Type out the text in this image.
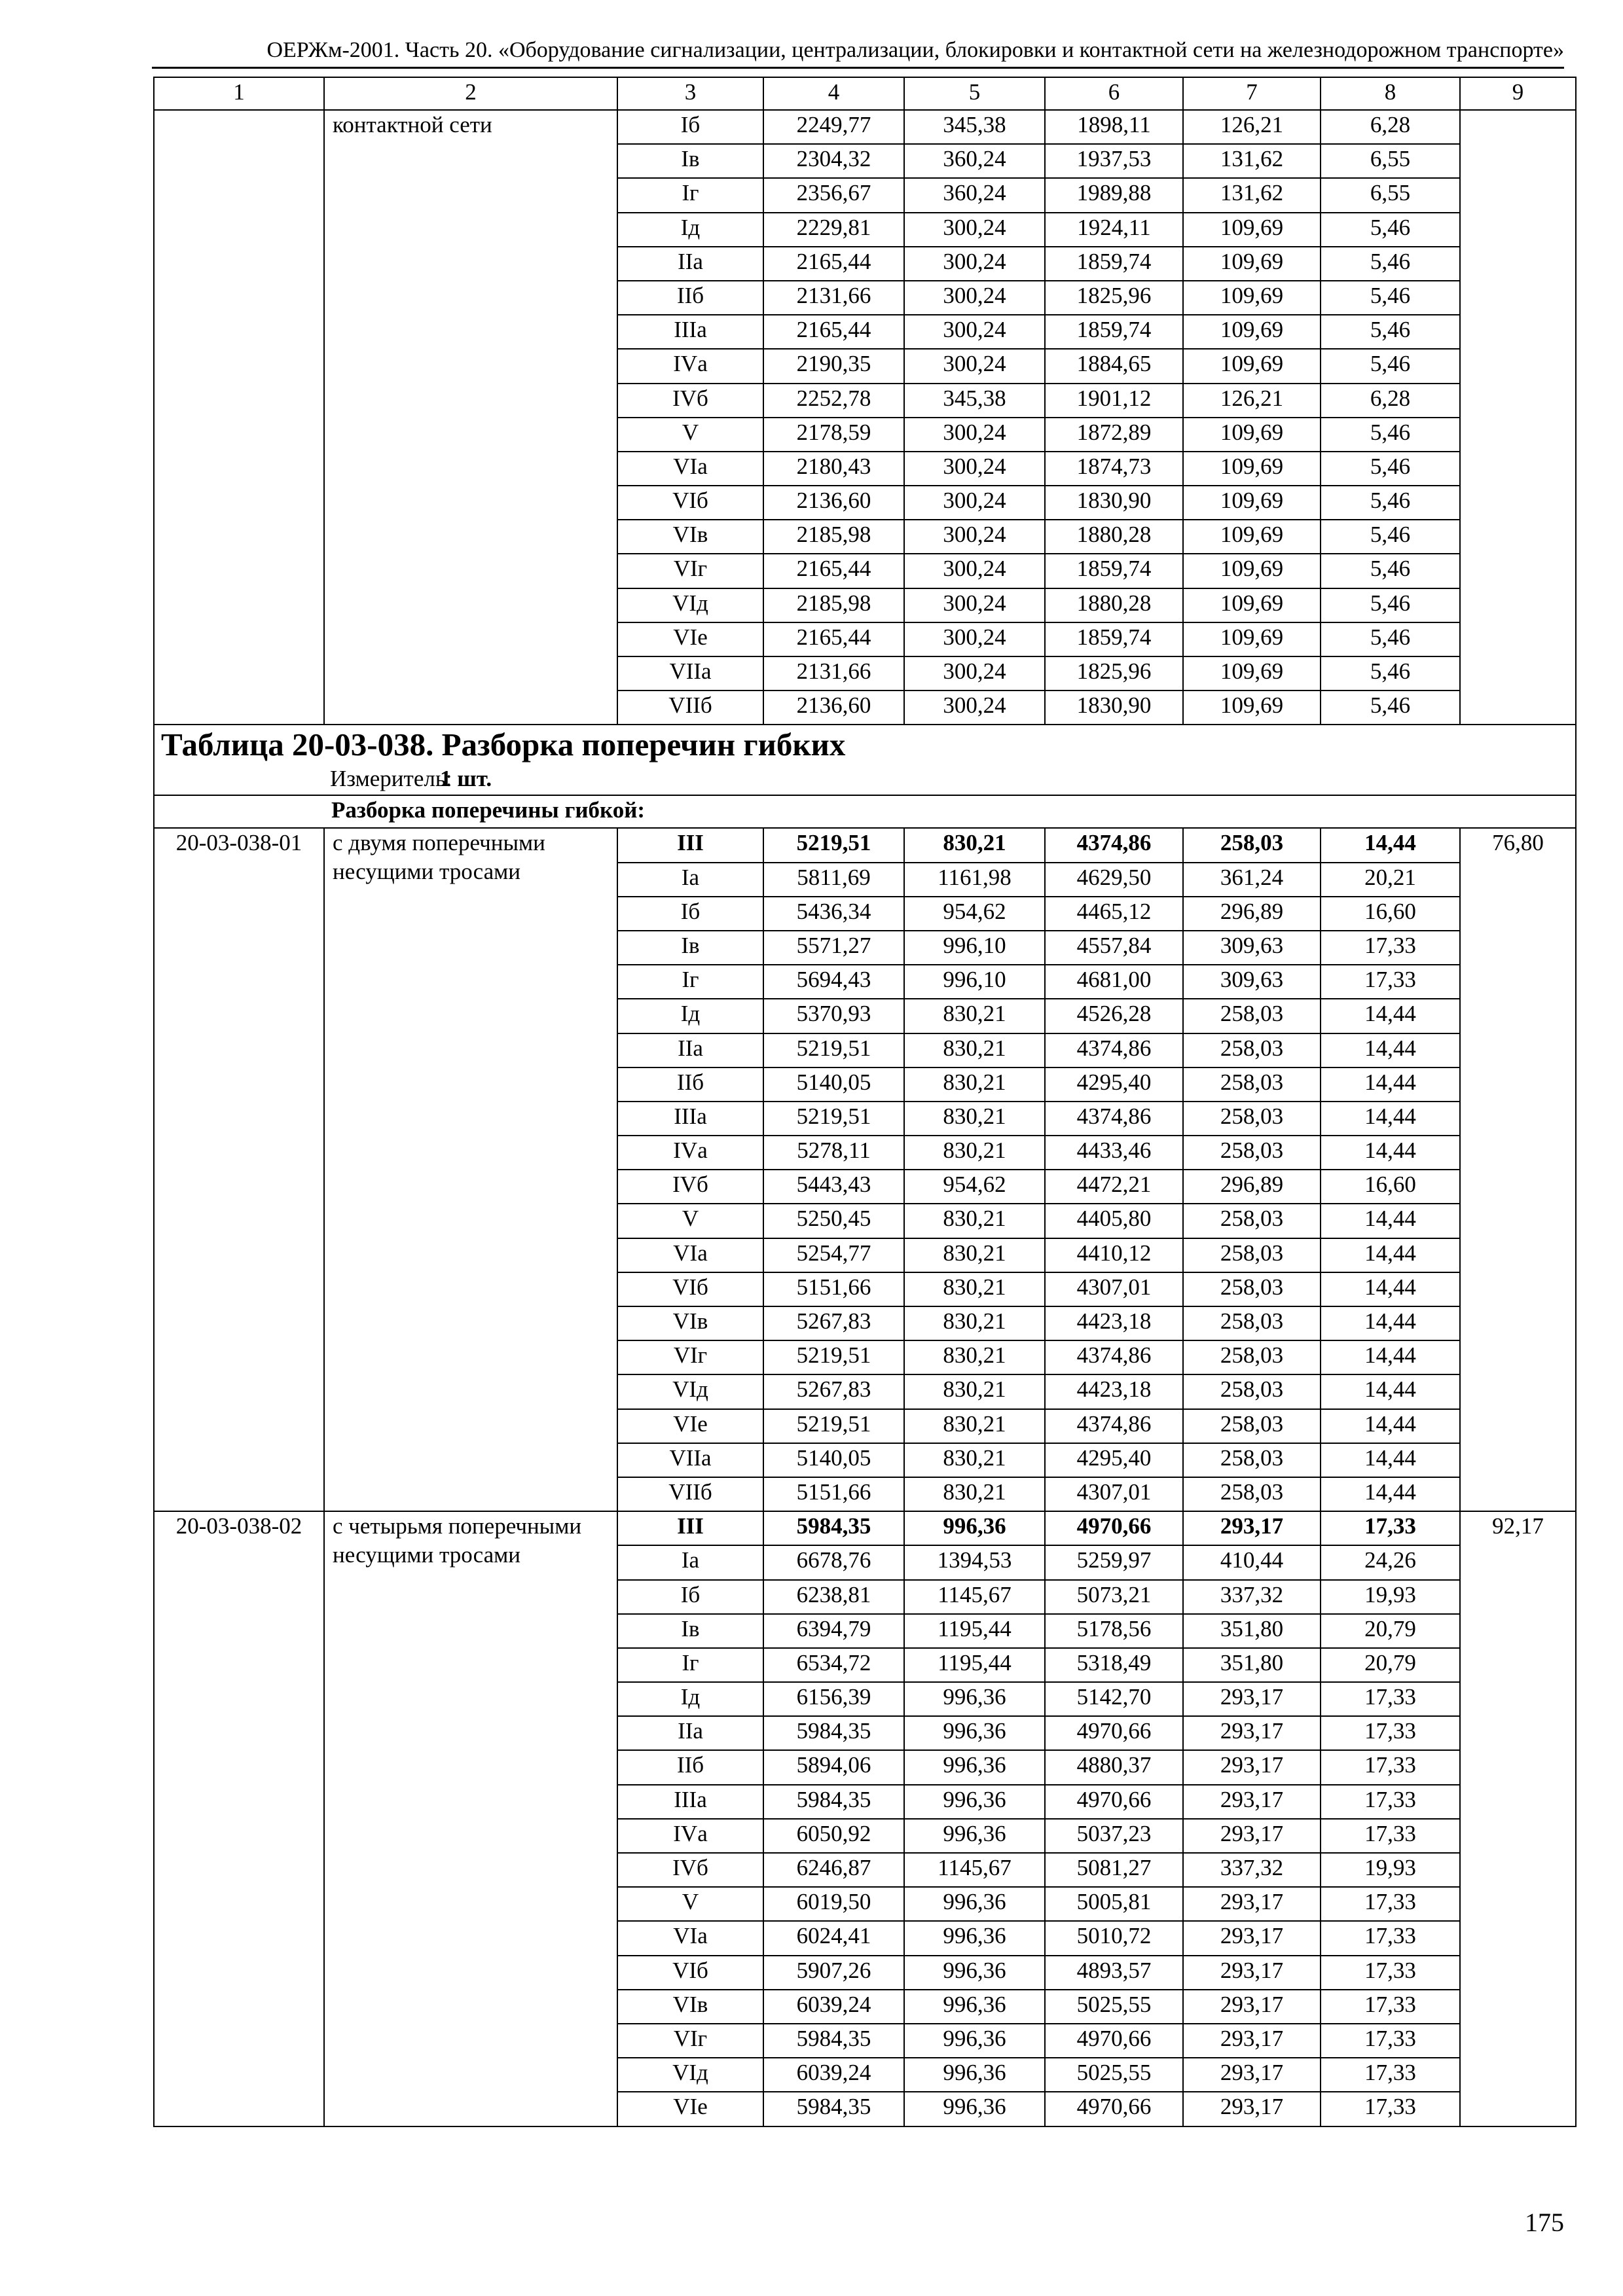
ОЕРЖм-2001. Часть 20. «Оборудование сигнализации, централизации, блокировки и контактной сети на железнодорожном транспорте»
1	2	3	4	5	6	7	8	9
	контактной сети	Iб	2249,77	345,38	1898,11	126,21	6,28	
		Iв	2304,32	360,24	1937,53	131,62	6,55	
		Iг	2356,67	360,24	1989,88	131,62	6,55	
		Iд	2229,81	300,24	1924,11	109,69	5,46	
		IIа	2165,44	300,24	1859,74	109,69	5,46	
		IIб	2131,66	300,24	1825,96	109,69	5,46	
		IIIа	2165,44	300,24	1859,74	109,69	5,46	
		IVа	2190,35	300,24	1884,65	109,69	5,46	
		IVб	2252,78	345,38	1901,12	126,21	6,28	
		V	2178,59	300,24	1872,89	109,69	5,46	
		VIа	2180,43	300,24	1874,73	109,69	5,46	
		VIб	2136,60	300,24	1830,90	109,69	5,46	
		VIв	2185,98	300,24	1880,28	109,69	5,46	
		VIг	2165,44	300,24	1859,74	109,69	5,46	
		VIд	2185,98	300,24	1880,28	109,69	5,46	
		VIе	2165,44	300,24	1859,74	109,69	5,46	
		VIIа	2131,66	300,24	1825,96	109,69	5,46	
		VIIб	2136,60	300,24	1830,90	109,69	5,46	
Таблица 20-03-038. Разборка поперечин гибких								
Измеритель:1 шт.								
Разборка поперечины гибкой:								
20-03-038-01	с двумя поперечными несущими тросами	III	5219,51	830,21	4374,86	258,03	14,44	76,80
		Iа	5811,69	1161,98	4629,50	361,24	20,21	
		Iб	5436,34	954,62	4465,12	296,89	16,60	
		Iв	5571,27	996,10	4557,84	309,63	17,33	
		Iг	5694,43	996,10	4681,00	309,63	17,33	
		Iд	5370,93	830,21	4526,28	258,03	14,44	
		IIа	5219,51	830,21	4374,86	258,03	14,44	
		IIб	5140,05	830,21	4295,40	258,03	14,44	
		IIIа	5219,51	830,21	4374,86	258,03	14,44	
		IVа	5278,11	830,21	4433,46	258,03	14,44	
		IVб	5443,43	954,62	4472,21	296,89	16,60	
		V	5250,45	830,21	4405,80	258,03	14,44	
		VIа	5254,77	830,21	4410,12	258,03	14,44	
		VIб	5151,66	830,21	4307,01	258,03	14,44	
		VIв	5267,83	830,21	4423,18	258,03	14,44	
		VIг	5219,51	830,21	4374,86	258,03	14,44	
		VIд	5267,83	830,21	4423,18	258,03	14,44	
		VIе	5219,51	830,21	4374,86	258,03	14,44	
		VIIа	5140,05	830,21	4295,40	258,03	14,44	
		VIIб	5151,66	830,21	4307,01	258,03	14,44	
20-03-038-02	с четырьмя поперечными несущими тросами	III	5984,35	996,36	4970,66	293,17	17,33	92,17
		Iа	6678,76	1394,53	5259,97	410,44	24,26	
		Iб	6238,81	1145,67	5073,21	337,32	19,93	
		Iв	6394,79	1195,44	5178,56	351,80	20,79	
		Iг	6534,72	1195,44	5318,49	351,80	20,79	
		Iд	6156,39	996,36	5142,70	293,17	17,33	
		IIа	5984,35	996,36	4970,66	293,17	17,33	
		IIб	5894,06	996,36	4880,37	293,17	17,33	
		IIIа	5984,35	996,36	4970,66	293,17	17,33	
		IVа	6050,92	996,36	5037,23	293,17	17,33	
		IVб	6246,87	1145,67	5081,27	337,32	19,93	
		V	6019,50	996,36	5005,81	293,17	17,33	
		VIа	6024,41	996,36	5010,72	293,17	17,33	
		VIб	5907,26	996,36	4893,57	293,17	17,33	
		VIв	6039,24	996,36	5025,55	293,17	17,33	
		VIг	5984,35	996,36	4970,66	293,17	17,33	
		VIд	6039,24	996,36	5025,55	293,17	17,33	
		VIе	5984,35	996,36	4970,66	293,17	17,33	
175
